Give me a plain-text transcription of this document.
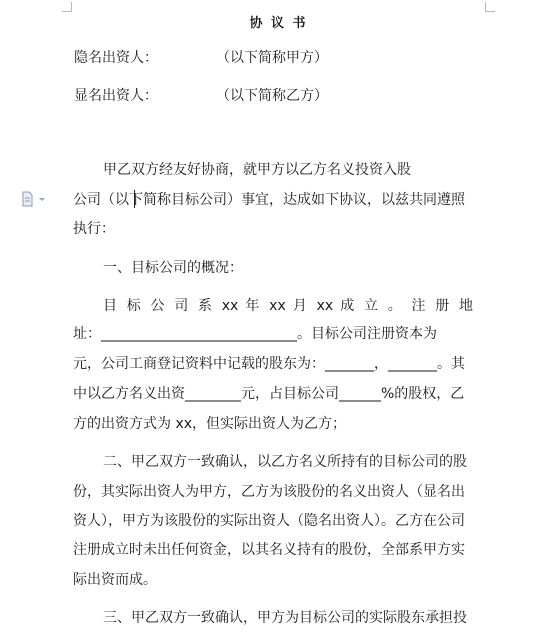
协 议 书
隐名出资人：	（以下简称甲方）
显名出资人：	（以下简称乙方）
甲乙双方经友好协商，就甲方以乙方名义投资入股
公司（以下简称目标公司）事宜，达成如下协议，以兹共同遵照
执行：
一、目标公司的概况：
目 标 公 司 系 xx 年 xx 月 xx 成 立 。 注 册 地
址：____________________________。目标公司注册资本为
元，公司工商登记资料中记载的股东为：_______，_______。其
中以乙方名义出资________元，占目标公司______%的股权，乙
方的出资方式为 xx，但实际出资人为乙方；
二、甲乙双方一致确认，以乙方名义所持有的目标公司的股
份，其实际出资人为甲方，乙方为该股份的名义出资人（显名出
资人），甲方为该股份的实际出资人（隐名出资人）。乙方在公司
注册成立时未出任何资金，以其名义持有的股份，全部系甲方实
际出资而成。
三、甲乙双方一致确认，甲方为目标公司的实际股东承担投
